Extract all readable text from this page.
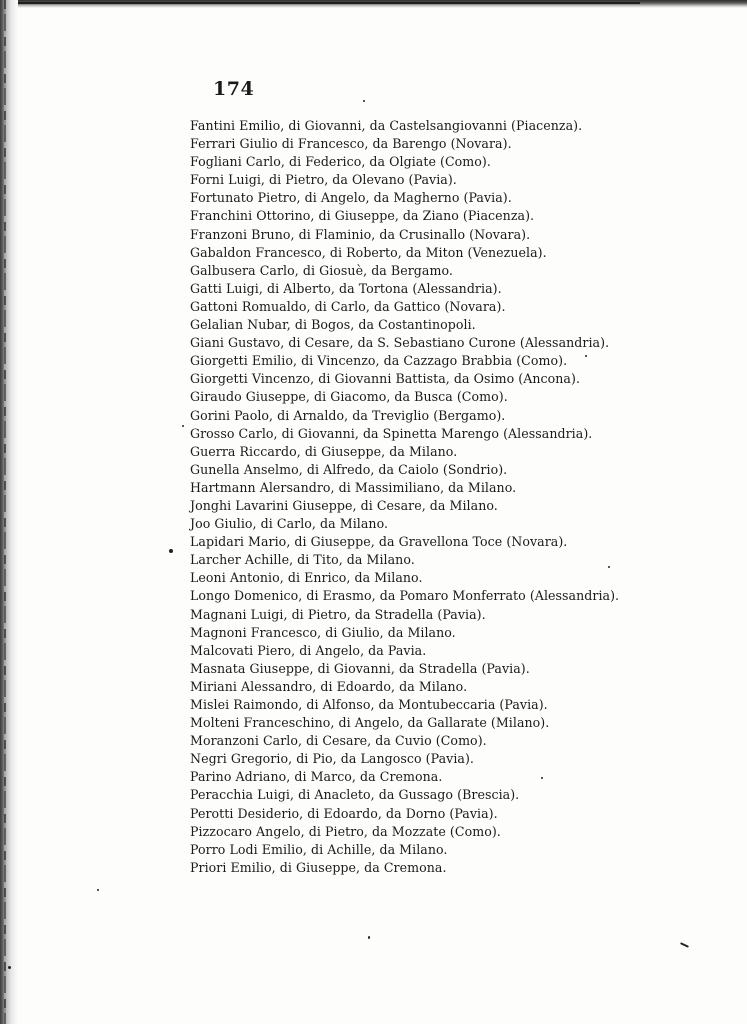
174
Fantini Emilio, di Giovanni, da Castelsangiovanni (Piacenza).
Ferrari Giulio di Francesco, da Barengo (Novara).
Fogliani Carlo, di Federico, da Olgiate (Como).
Forni Luigi, di Pietro, da Olevano (Pavia).
Fortunato Pietro, di Angelo, da Magherno (Pavia).
Franchini Ottorino, di Giuseppe, da Ziano (Piacenza).
Franzoni Bruno, di Flaminio, da Crusinallo (Novara).
Gabaldon Francesco, di Roberto, da Miton (Venezuela).
Galbusera Carlo, di Giosuè, da Bergamo.
Gatti Luigi, di Alberto, da Tortona (Alessandria).
Gattoni Romualdo, di Carlo, da Gattico (Novara).
Gelalian Nubar, di Bogos, da Costantinopoli.
Giani Gustavo, di Cesare, da S. Sebastiano Curone (Alessandria).
Giorgetti Emilio, di Vincenzo, da Cazzago Brabbia (Como).
Giorgetti Vincenzo, di Giovanni Battista, da Osimo (Ancona).
Giraudo Giuseppe, di Giacomo, da Busca (Como).
Gorini Paolo, di Arnaldo, da Treviglio (Bergamo).
Grosso Carlo, di Giovanni, da Spinetta Marengo (Alessandria).
Guerra Riccardo, di Giuseppe, da Milano.
Gunella Anselmo, di Alfredo, da Caiolo (Sondrio).
Hartmann Alersandro, di Massimiliano, da Milano.
Jonghi Lavarini Giuseppe, di Cesare, da Milano.
Joo Giulio, di Carlo, da Milano.
Lapidari Mario, di Giuseppe, da Gravellona Toce (Novara).
Larcher Achille, di Tito, da Milano.
Leoni Antonio, di Enrico, da Milano.
Longo Domenico, di Erasmo, da Pomaro Monferrato (Alessandria).
Magnani Luigi, di Pietro, da Stradella (Pavia).
Magnoni Francesco, di Giulio, da Milano.
Malcovati Piero, di Angelo, da Pavia.
Masnata Giuseppe, di Giovanni, da Stradella (Pavia).
Miriani Alessandro, di Edoardo, da Milano.
Mislei Raimondo, di Alfonso, da Montubeccaria (Pavia).
Molteni Franceschino, di Angelo, da Gallarate (Milano).
Moranzoni Carlo, di Cesare, da Cuvio (Como).
Negri Gregorio, di Pio, da Langosco (Pavia).
Parino Adriano, di Marco, da Cremona.
Peracchia Luigi, di Anacleto, da Gussago (Brescia).
Perotti Desiderio, di Edoardo, da Dorno (Pavia).
Pizzocaro Angelo, di Pietro, da Mozzate (Como).
Porro Lodi Emilio, di Achille, da Milano.
Priori Emilio, di Giuseppe, da Cremona.
